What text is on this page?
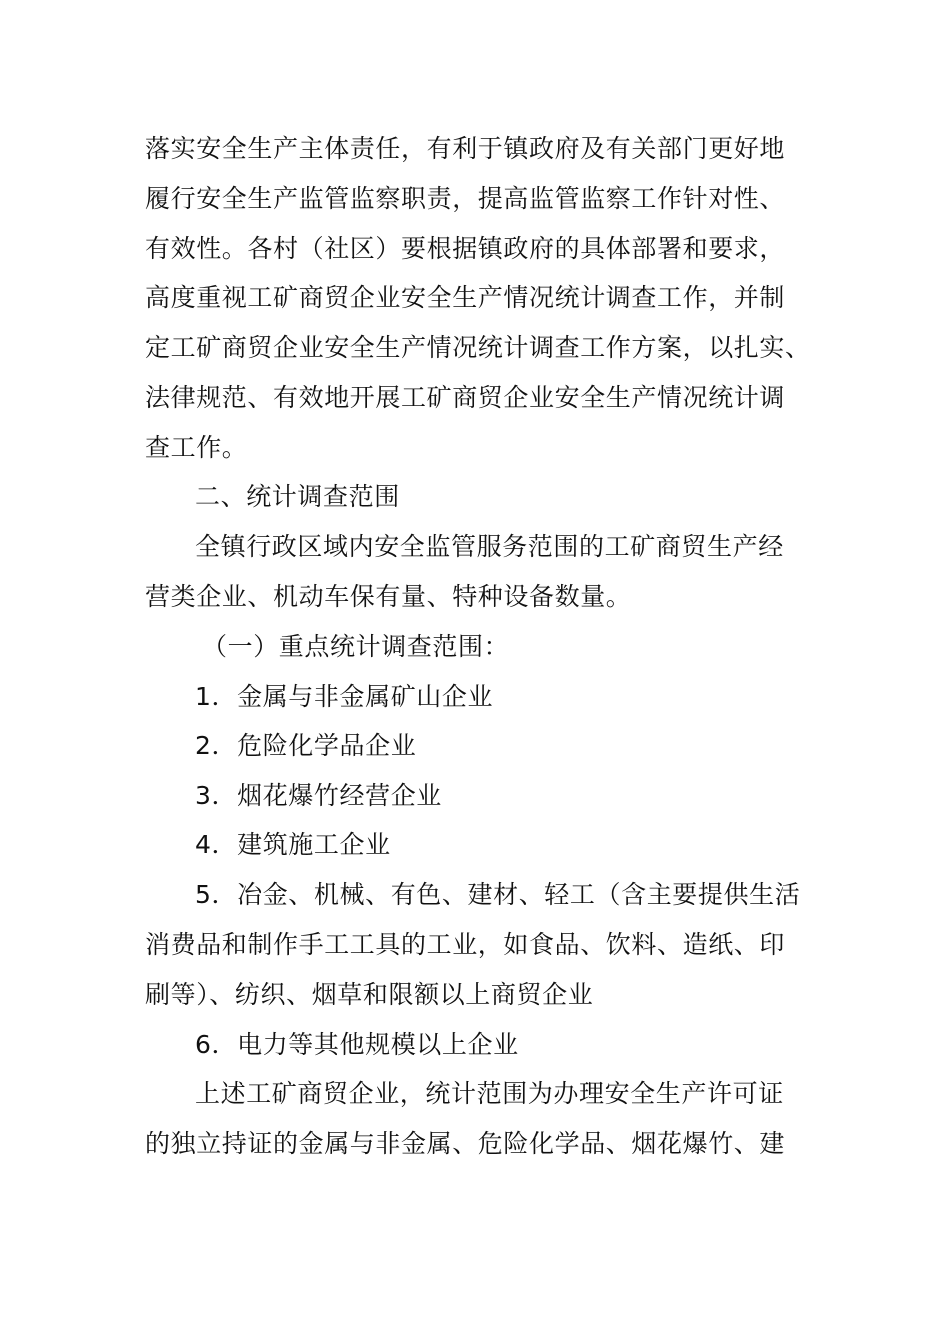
落实安全生产主体责任，有利于镇政府及有关部门更好地
履行安全生产监管监察职责，提高监管监察工作针对性、
有效性。各村（社区）要根据镇政府的具体部署和要求，
高度重视工矿商贸企业安全生产情况统计调查工作，并制
定工矿商贸企业安全生产情况统计调查工作方案，以扎实、
法律规范、有效地开展工矿商贸企业安全生产情况统计调
查工作。
二、统计调查范围
全镇行政区域内安全监管服务范围的工矿商贸生产经
营类企业、机动车保有量、特种设备数量。
（一）重点统计调查范围：
1．金属与非金属矿山企业
2．危险化学品企业
3．烟花爆竹经营企业
4．建筑施工企业
5．冶金、机械、有色、建材、轻工（含主要提供生活
消费品和制作手工工具的工业，如食品、饮料、造纸、印
刷等）、纺织、烟草和限额以上商贸企业
6．电力等其他规模以上企业
上述工矿商贸企业，统计范围为办理安全生产许可证
的独立持证的金属与非金属、危险化学品、烟花爆竹、建
